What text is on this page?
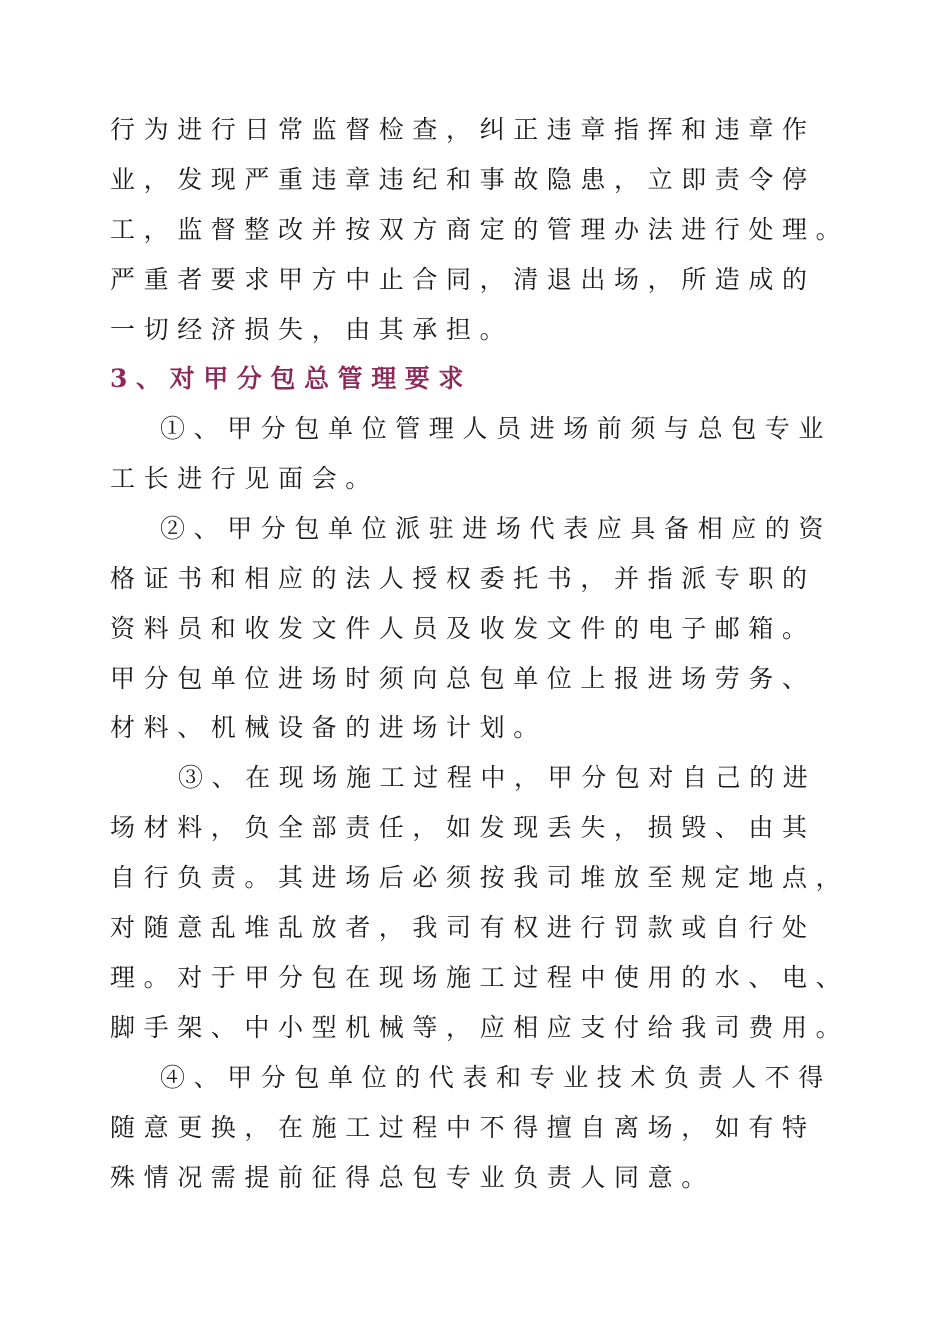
行为进行日常监督检查，纠正违章指挥和违章作
业，发现严重违章违纪和事故隐患，立即责令停
工，监督整改并按双方商定的管理办法进行处理。
严重者要求甲方中止合同，清退出场，所造成的
一切经济损失，由其承担。
3、对甲分包总管理要求
①、甲分包单位管理人员进场前须与总包专业
工长进行见面会。
②、甲分包单位派驻进场代表应具备相应的资
格证书和相应的法人授权委托书，并指派专职的
资料员和收发文件人员及收发文件的电子邮箱。
甲分包单位进场时须向总包单位上报进场劳务、
材料、机械设备的进场计划。
③、在现场施工过程中，甲分包对自己的进
场材料，负全部责任，如发现丢失，损毁、由其
自行负责。其进场后必须按我司堆放至规定地点，
对随意乱堆乱放者，我司有权进行罚款或自行处
理。对于甲分包在现场施工过程中使用的水、电、
脚手架、中小型机械等，应相应支付给我司费用。
④、甲分包单位的代表和专业技术负责人不得
随意更换，在施工过程中不得擅自离场，如有特
殊情况需提前征得总包专业负责人同意。
